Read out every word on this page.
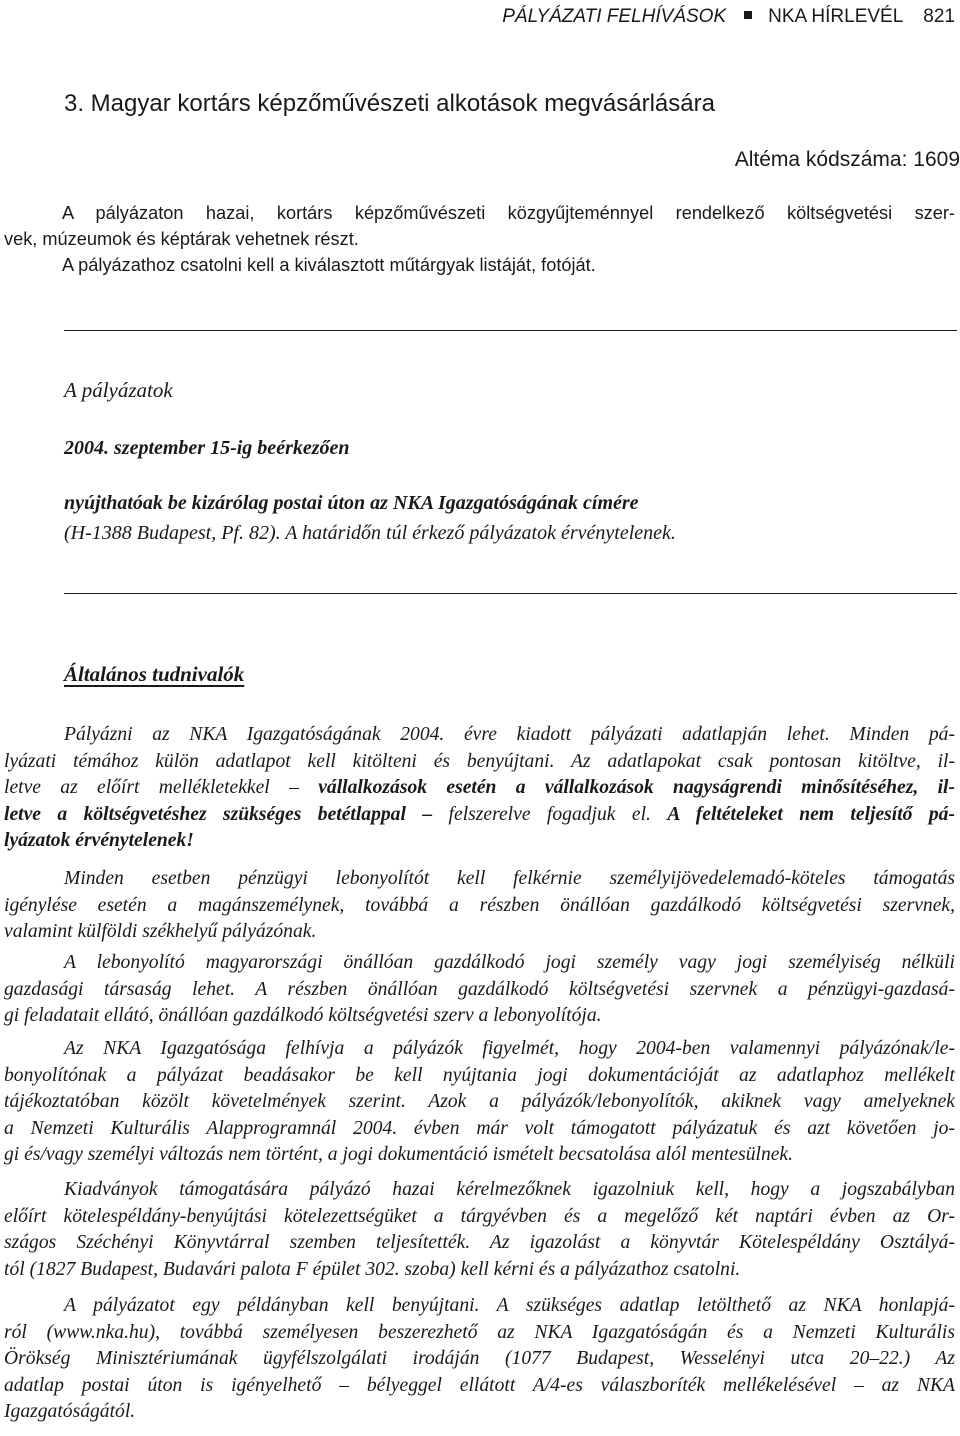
PÁLYÁZATI FELHÍVÁSOK NKA HÍRLEVÉL 821
3. Magyar kortárs képzőművészeti alkotások megvásárlására
Altéma kódszáma: 1609
A pályázaton hazai, kortárs képzőművészeti közgyűjteménnyel rendelkező költségvetési szer-
vek, múzeumok és képtárak vehetnek részt.
A pályázathoz csatolni kell a kiválasztott műtárgyak listáját, fotóját.
A pályázatok
2004. szeptember 15-ig beérkezően
nyújthatóak be kizárólag postai úton az NKA Igazgatóságának címére
(H-1388 Budapest, Pf. 82). A határidőn túl érkező pályázatok érvénytelenek.
Általános tudnivalók
Pályázni az NKA Igazgatóságának 2004. évre kiadott pályázati adatlapján lehet. Minden pá-
lyázati témához külön adatlapot kell kitölteni és benyújtani. Az adatlapokat csak pontosan kitöltve, il-
letve az előírt mellékletekkel – vállalkozások esetén a vállalkozások nagyságrendi minősítéséhez, il-
letve a költségvetéshez szükséges betétlappal – felszerelve fogadjuk el. A feltételeket nem teljesítő pá-
lyázatok érvénytelenek!
Minden esetben pénzügyi lebonyolítót kell felkérnie személyijövedelemadó-köteles támogatás
igénylése esetén a magánszemélynek, továbbá a részben önállóan gazdálkodó költségvetési szervnek,
valamint külföldi székhelyű pályázónak.
A lebonyolító magyarországi önállóan gazdálkodó jogi személy vagy jogi személyiség nélküli
gazdasági társaság lehet. A részben önállóan gazdálkodó költségvetési szervnek a pénzügyi-gazdasá-
gi feladatait ellátó, önállóan gazdálkodó költségvetési szerv a lebonyolítója.
Az NKA Igazgatósága felhívja a pályázók figyelmét, hogy 2004-ben valamennyi pályázónak/le-
bonyolítónak a pályázat beadásakor be kell nyújtania jogi dokumentációját az adatlaphoz mellékelt
tájékoztatóban közölt követelmények szerint. Azok a pályázók/lebonyolítók, akiknek vagy amelyeknek
a Nemzeti Kulturális Alapprogramnál 2004. évben már volt támogatott pályázatuk és azt követően jo-
gi és/vagy személyi változás nem történt, a jogi dokumentáció ismételt becsatolása alól mentesülnek.
Kiadványok támogatására pályázó hazai kérelmezőknek igazolniuk kell, hogy a jogszabályban
előírt kötelespéldány-benyújtási kötelezettségüket a tárgyévben és a megelőző két naptári évben az Or-
szágos Széchényi Könyvtárral szemben teljesítették. Az igazolást a könyvtár Kötelespéldány Osztályá-
tól (1827 Budapest, Budavári palota F épület 302. szoba) kell kérni és a pályázathoz csatolni.
A pályázatot egy példányban kell benyújtani. A szükséges adatlap letölthető az NKA honlapjá-
ról (www.nka.hu), továbbá személyesen beszerezhető az NKA Igazgatóságán és a Nemzeti Kulturális
Örökség Minisztériumának ügyfélszolgálati irodáján (1077 Budapest, Wesselényi utca 20–22.) Az
adatlap postai úton is igényelhető – bélyeggel ellátott A/4-es válaszboríték mellékelésével – az NKA
Igazgatóságától.
